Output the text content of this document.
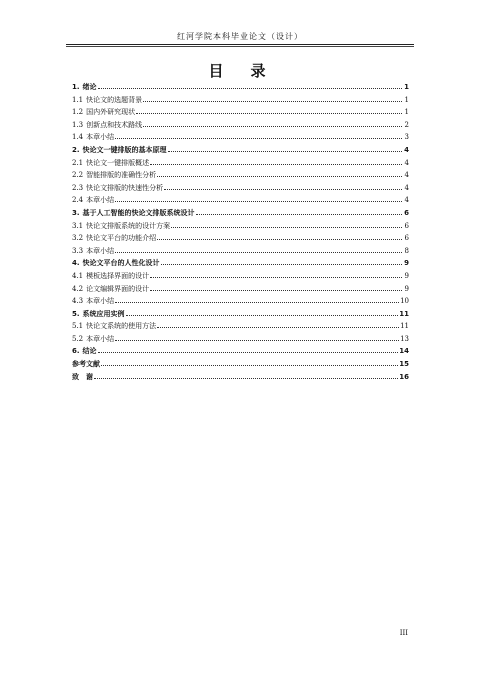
红河学院本科毕业论文（设计）
目　录
1. 绪论	1
1.1 快论文的选题背景	1
1.2 国内外研究现状	1
1.3 创新点和技术路线	2
1.4 本章小结	3
2. 快论文一键排版的基本原理	4
2.1 快论文一键排版概述	4
2.2 智能排版的准确性分析	4
2.3 快论文排版的快速性分析	4
2.4 本章小结	4
3. 基于人工智能的快论文排版系统设计	6
3.1 快论文排版系统的设计方案	6
3.2 快论文平台的功能介绍	6
3.3 本章小结	8
4. 快论文平台的人性化设计	9
4.1 模板选择界面的设计	9
4.2 论文编辑界面的设计	9
4.3 本章小结	10
5. 系统应用实例	11
5.1 快论文系统的使用方法	11
5.2 本章小结	13
6. 结论	14
参考文献	15
致　谢	16
III
